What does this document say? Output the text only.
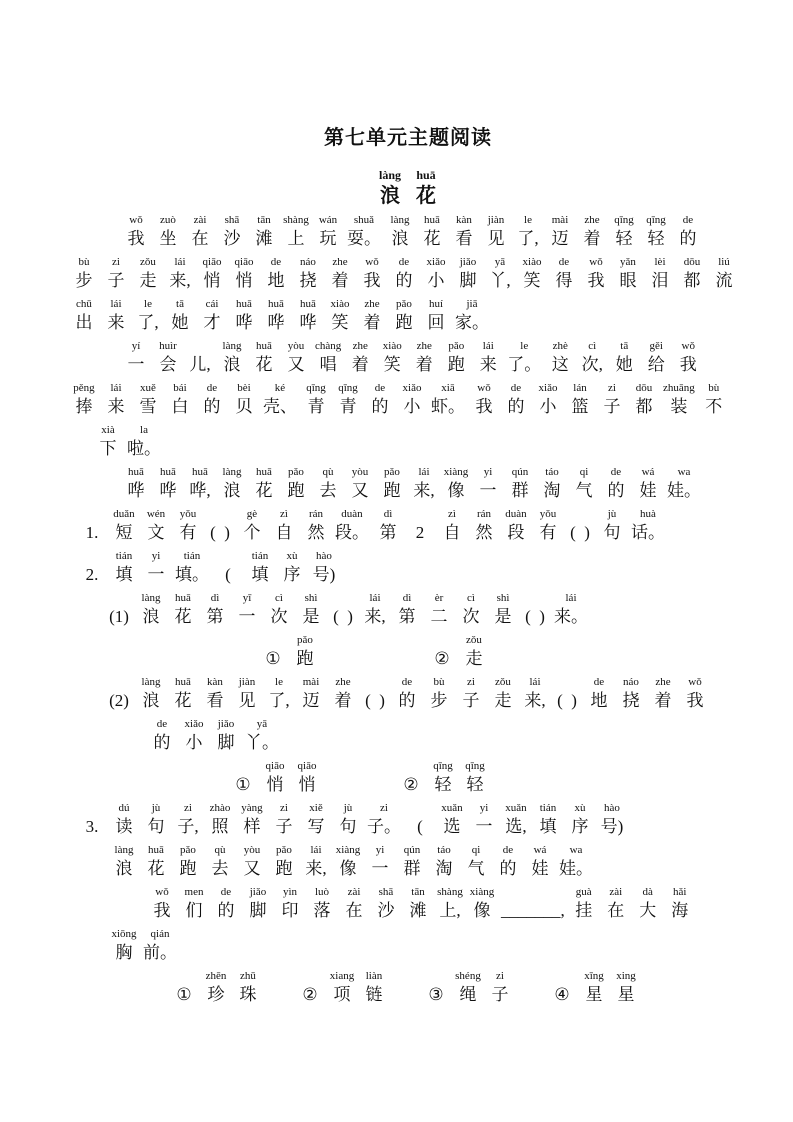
第七单元主题阅读
làng
浪
huā
花
wǒ
我
zuò
坐
zài
在
shā
沙
tān
滩
shàng
上
wán
玩
shuǎ
耍。
làng
浪
huā
花
kàn
看
jiàn
见
le
了,
mài
迈
zhe
着
qīng
轻
qīng
轻
de
的
bù
步
zi
子
zǒu
走
lái
来,
qiāo
悄
qiāo
悄
de
地
náo
挠
zhe
着
wǒ
我
de
的
xiǎo
小
jiǎo
脚
yā
丫,
xiào
笑
de
得
wǒ
我
yǎn
眼
lèi
泪
dōu
都
liú
流
chū
出
lái
来
le
了,
tā
她
cái
才
huā
哗
huā
哗
huā
哗
xiào
笑
zhe
着
pǎo
跑
huí
回
jiā
家。
yí
一
huìr
会
儿,
làng
浪
huā
花
yòu
又
chàng
唱
zhe
着
xiào
笑
zhe
着
pǎo
跑
lái
来
le
了。
zhè
这
cì
次,
tā
她
gěi
给
wǒ
我
pěng
捧
lái
来
xuě
雪
bái
白
de
的
bèi
贝
ké
壳、
qīng
青
qīng
青
de
的
xiǎo
小
xiā
虾。
wǒ
我
de
的
xiǎo
小
lán
篮
zi
子
dōu
都
zhuāng
装
bù
不
xià
下
la
啦。
huā
哗
huā
哗
huā
哗,
làng
浪
huā
花
pǎo
跑
qù
去
yòu
又
pǎo
跑
lái
来,
xiàng
像
yi
一
qún
群
táo
淘
qi
气
de
的
wá
娃
wa
娃。

1.
duǎn
短
wén
文
yǒu
有
(  )
gè
个
zì
自
rán
然
duàn
段。
dì
第
	2
zì
自
rán
然
duàn
段
yǒu
有
(  )
jù
句
huà
话。

2.
tián
填
yi
一
tián
填。
(
tián
填
xù
序
hào
号)

(1)
làng
浪
huā
花
dì
第
yī
一
cì
次
shì
是
(  )
lái
来,
dì
第
èr
二
cì
次
shì
是
(  )
lái
来。

①
pǎo
跑
	②
zǒu
走

(2)
làng
浪
huā
花
kàn
看
jiàn
见
le
了,
mài
迈
zhe
着
(  )
de
的
bù
步
zi
子
zǒu
走
lái
来,
(  )
de
地
náo
挠
zhe
着
wǒ
我
de
的
xiǎo
小
jiǎo
脚
yā
丫。

①
qiāo
悄
qiāo
悄
	②
qīng
轻
qīng
轻

3.
dú
读
jù
句
zi
子,
zhào
照
yàng
样
zi
子
xiě
写
jù
句
zi
子。
(
xuǎn
选
yi
一
xuǎn
选,
tián
填
xù
序
hào
号)
làng
浪
huā
花
pǎo
跑
qù
去
yòu
又
pǎo
跑
lái
来,
xiàng
像
yi
一
qún
群
táo
淘
qi
气
de
的
wá
娃
wa
娃。
wǒ
我
men
们
de
的
jiǎo
脚
yìn
印
luò
落
zài
在
shā
沙
tān
滩
shàng
上,
xiàng
像
_______,
guà
挂
zài
在
dà
大
hǎi
海
xiōng
胸
qián
前。

①
zhēn
珍
zhū
珠
	②
xiang
项
liàn
链
	③
shéng
绳
zi
子
	④
xīng
星
xing
星
